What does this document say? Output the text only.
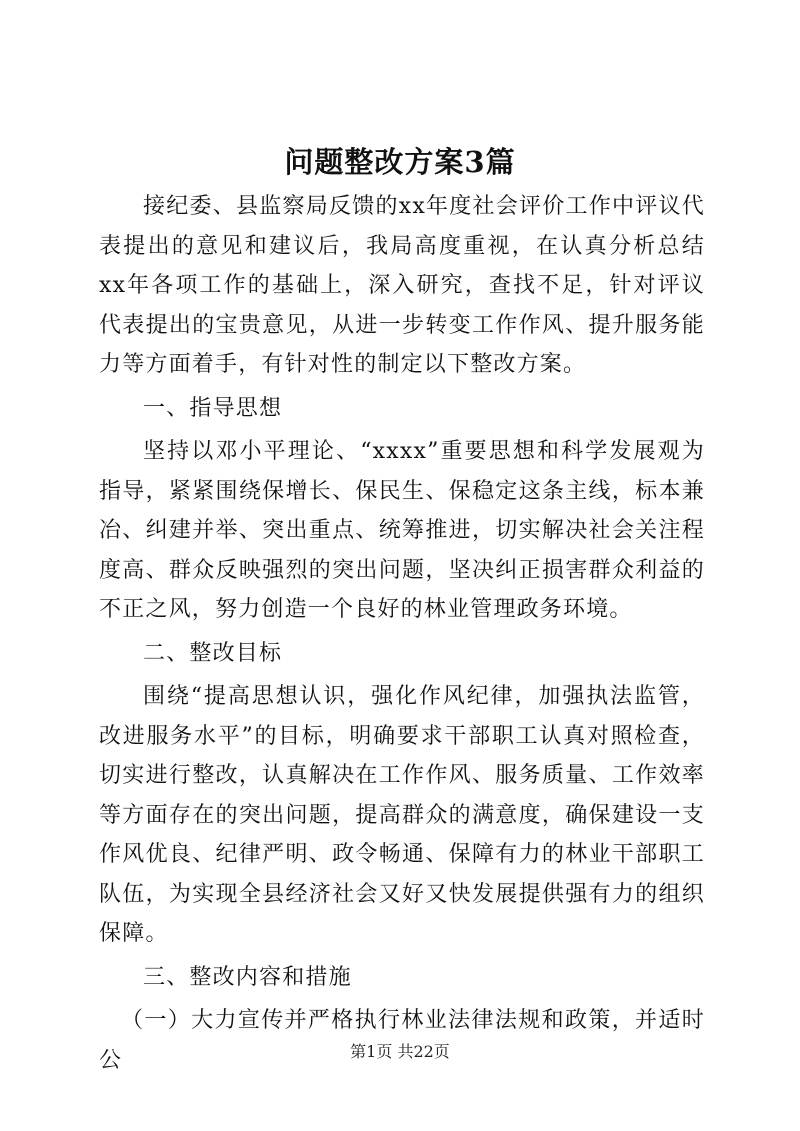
问题整改方案3篇

接纪委、县监察局反馈的xx年度社会评价工作中评议代表提出的意见和建议后，我局高度重视，在认真分析总结xx年各项工作的基础上，深入研究，查找不足，针对评议代表提出的宝贵意见，从进一步转变工作作风、提升服务能力等方面着手，有针对性的制定以下整改方案。

一、指导思想

坚持以邓小平理论、“xxxx”重要思想和科学发展观为指导，紧紧围绕保增长、保民生、保稳定这条主线，标本兼冶、纠建并举、突出重点、统筹推进，切实解决社会关注程度高、群众反映强烈的突出问题，坚决纠正损害群众利益的不正之风，努力创造一个良好的林业管理政务环境。

二、整改目标

围绕“提高思想认识，强化作风纪律，加强执法监管，改进服务水平”的目标，明确要求干部职工认真对照检查，切实进行整改，认真解决在工作作风、服务质量、工作效率等方面存在的突出问题，提高群众的满意度，确保建设一支作风优良、纪律严明、政令畅通、保障有力的林业干部职工队伍，为实现全县经济社会又好又快发展提供强有力的组织保障。

三、整改内容和措施

（一）大力宣传并严格执行林业法律法规和政策，并适时公	第1页 共22页
